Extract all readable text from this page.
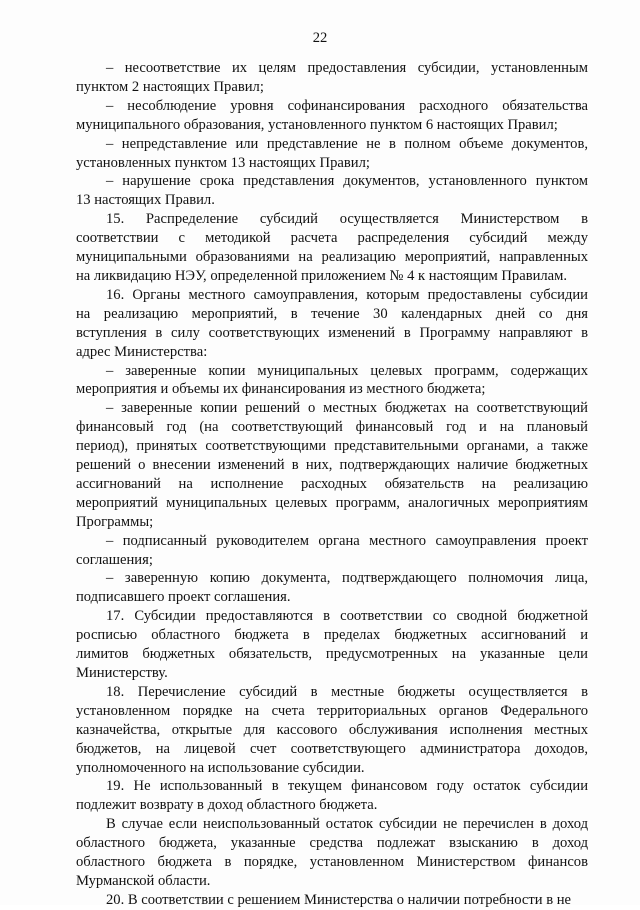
22
– несоответствие их целям предоставления субсидии, установленным
пунктом 2 настоящих Правил;
– несоблюдение уровня софинансирования расходного обязательства
муниципального образования, установленного пунктом 6 настоящих Правил;
– непредставление или представление не в полном объеме документов,
установленных пунктом 13 настоящих Правил;
– нарушение срока представления документов, установленного пунктом
13 настоящих Правил.
15. Распределение субсидий осуществляется Министерством в
соответствии с методикой расчета распределения субсидий между
муниципальными образованиями на реализацию мероприятий, направленных
на ликвидацию НЭУ, определенной приложением № 4 к настоящим Правилам.
16. Органы местного самоуправления, которым предоставлены субсидии
на реализацию мероприятий, в течение 30 календарных дней со дня
вступления в силу соответствующих изменений в Программу направляют в
адрес Министерства:
– заверенные копии муниципальных целевых программ, содержащих
мероприятия и объемы их финансирования из местного бюджета;
– заверенные копии решений о местных бюджетах на соответствующий
финансовый год (на соответствующий финансовый год и на плановый
период), принятых соответствующими представительными органами, а также
решений о внесении изменений в них, подтверждающих наличие бюджетных
ассигнований на исполнение расходных обязательств на реализацию
мероприятий муниципальных целевых программ, аналогичных мероприятиям
Программы;
– подписанный руководителем органа местного самоуправления проект
соглашения;
– заверенную копию документа, подтверждающего полномочия лица,
подписавшего проект соглашения.
17. Субсидии предоставляются в соответствии со сводной бюджетной
росписью областного бюджета в пределах бюджетных ассигнований и
лимитов бюджетных обязательств, предусмотренных на указанные цели
Министерству.
18. Перечисление субсидий в местные бюджеты осуществляется в
установленном порядке на счета территориальных органов Федерального
казначейства, открытые для кассового обслуживания исполнения местных
бюджетов, на лицевой счет соответствующего администратора доходов,
уполномоченного на использование субсидии.
19. Не использованный в текущем финансовом году остаток субсидии
подлежит возврату в доход областного бюджета.
В случае если неиспользованный остаток субсидии не перечислен в доход
областного бюджета, указанные средства подлежат взысканию в доход
областного бюджета в порядке, установленном Министерством финансов
Мурманской области.
20. В соответствии с решением Министерства о наличии потребности в не
